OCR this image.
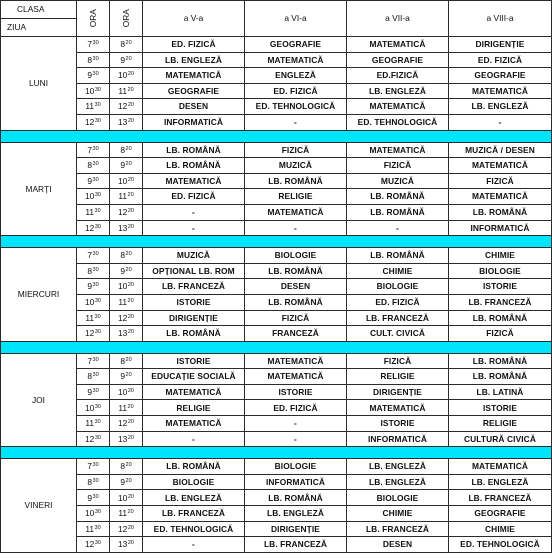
CLASA	ORA	ORA	a V-a	a VI-a	a VII-a	a VIII-a
ZIUA						
LUNI	$7^{30}$	$8^{20}$	ED. FIZICĂ	GEOGRAFIE	MATEMATICĂ	DIRIGENȚIE
	$8^{30}$	$9^{20}$	LB. ENGLEZĂ	MATEMATICĂ	GEOGRAFIE	ED. FIZICĂ
	$9^{30}$	$10^{20}$	MATEMATICĂ	ENGLEZĂ	ED.FIZICĂ	GEOGRAFIE
	$10^{30}$	$11^{20}$	GEOGRAFIE	ED. FIZICĂ	LB. ENGLEZĂ	MATEMATICĂ
	$11^{30}$	$12^{20}$	DESEN	ED. TEHNOLOGICĂ	MATEMATICĂ	LB. ENGLEZĂ
	$12^{30}$	$13^{20}$	INFORMATICĂ	-	ED. TEHNOLOGICĂ	-

MARȚI	$7^{30}$	$8^{20}$	LB. ROMÂNĂ	FIZICĂ	MATEMATICĂ	MUZICĂ / DESEN
	$8^{30}$	$9^{20}$	LB. ROMÂNĂ	MUZICĂ	FIZICĂ	MATEMATICĂ
	$9^{30}$	$10^{20}$	MATEMATICĂ	LB. ROMÂNĂ	MUZICĂ	FIZICĂ
	$10^{30}$	$11^{20}$	ED. FIZICĂ	RELIGIE	LB. ROMÂNĂ	MATEMATICĂ
	$11^{30}$	$12^{20}$	-	MATEMATICĂ	LB. ROMÂNĂ	LB. ROMÂNĂ
	$12^{30}$	$13^{20}$	-	-	-	INFORMATICĂ

MIERCURI	$7^{30}$	$8^{20}$	MUZICĂ	BIOLOGIE	LB. ROMÂNĂ	CHIMIE
	$8^{30}$	$9^{20}$	OPȚIONAL LB. ROM	LB. ROMÂNĂ	CHIMIE	BIOLOGIE
	$9^{30}$	$10^{20}$	LB. FRANCEZĂ	DESEN	BIOLOGIE	ISTORIE
	$10^{30}$	$11^{20}$	ISTORIE	LB. ROMÂNĂ	ED. FIZICĂ	LB. FRANCEZĂ
	$11^{30}$	$12^{20}$	DIRIGENȚIE	FIZICĂ	LB. FRANCEZĂ	LB. ROMÂNĂ
	$12^{30}$	$13^{20}$	LB. ROMÂNĂ	FRANCEZĂ	CULT. CIVICĂ	FIZICĂ

JOI	$7^{30}$	$8^{20}$	ISTORIE	MATEMATICĂ	FIZICĂ	LB. ROMÂNĂ
	$8^{30}$	$9^{20}$	EDUCAȚIE SOCIALĂ	MATEMATICĂ	RELIGIE	LB. ROMÂNĂ
	$9^{30}$	$10^{20}$	MATEMATICĂ	ISTORIE	DIRIGENȚIE	LB. LATINĂ
	$10^{30}$	$11^{20}$	RELIGIE	ED. FIZICĂ	MATEMATICĂ	ISTORIE
	$11^{30}$	$12^{20}$	MATEMATICĂ	-	ISTORIE	RELIGIE
	$12^{30}$	$13^{20}$	-	-	INFORMATICĂ	CULTURĂ CIVICĂ

VINERI	$7^{30}$	$8^{20}$	LB. ROMÂNĂ	BIOLOGIE	LB. ENGLEZĂ	MATEMATICĂ
	$8^{30}$	$9^{20}$	BIOLOGIE	INFORMATICĂ	LB. ENGLEZĂ	LB. ENGLEZĂ
	$9^{30}$	$10^{20}$	LB. ENGLEZĂ	LB. ROMÂNĂ	BIOLOGIE	LB. FRANCEZĂ
	$10^{30}$	$11^{20}$	LB. FRANCEZĂ	LB. ENGLEZĂ	CHIMIE	GEOGRAFIE
	$11^{30}$	$12^{20}$	ED. TEHNOLOGICĂ	DIRIGENȚIE	LB. FRANCEZĂ	CHIMIE
	$12^{30}$	$13^{20}$	-	LB. FRANCEZĂ	DESEN	ED. TEHNOLOGICĂ
